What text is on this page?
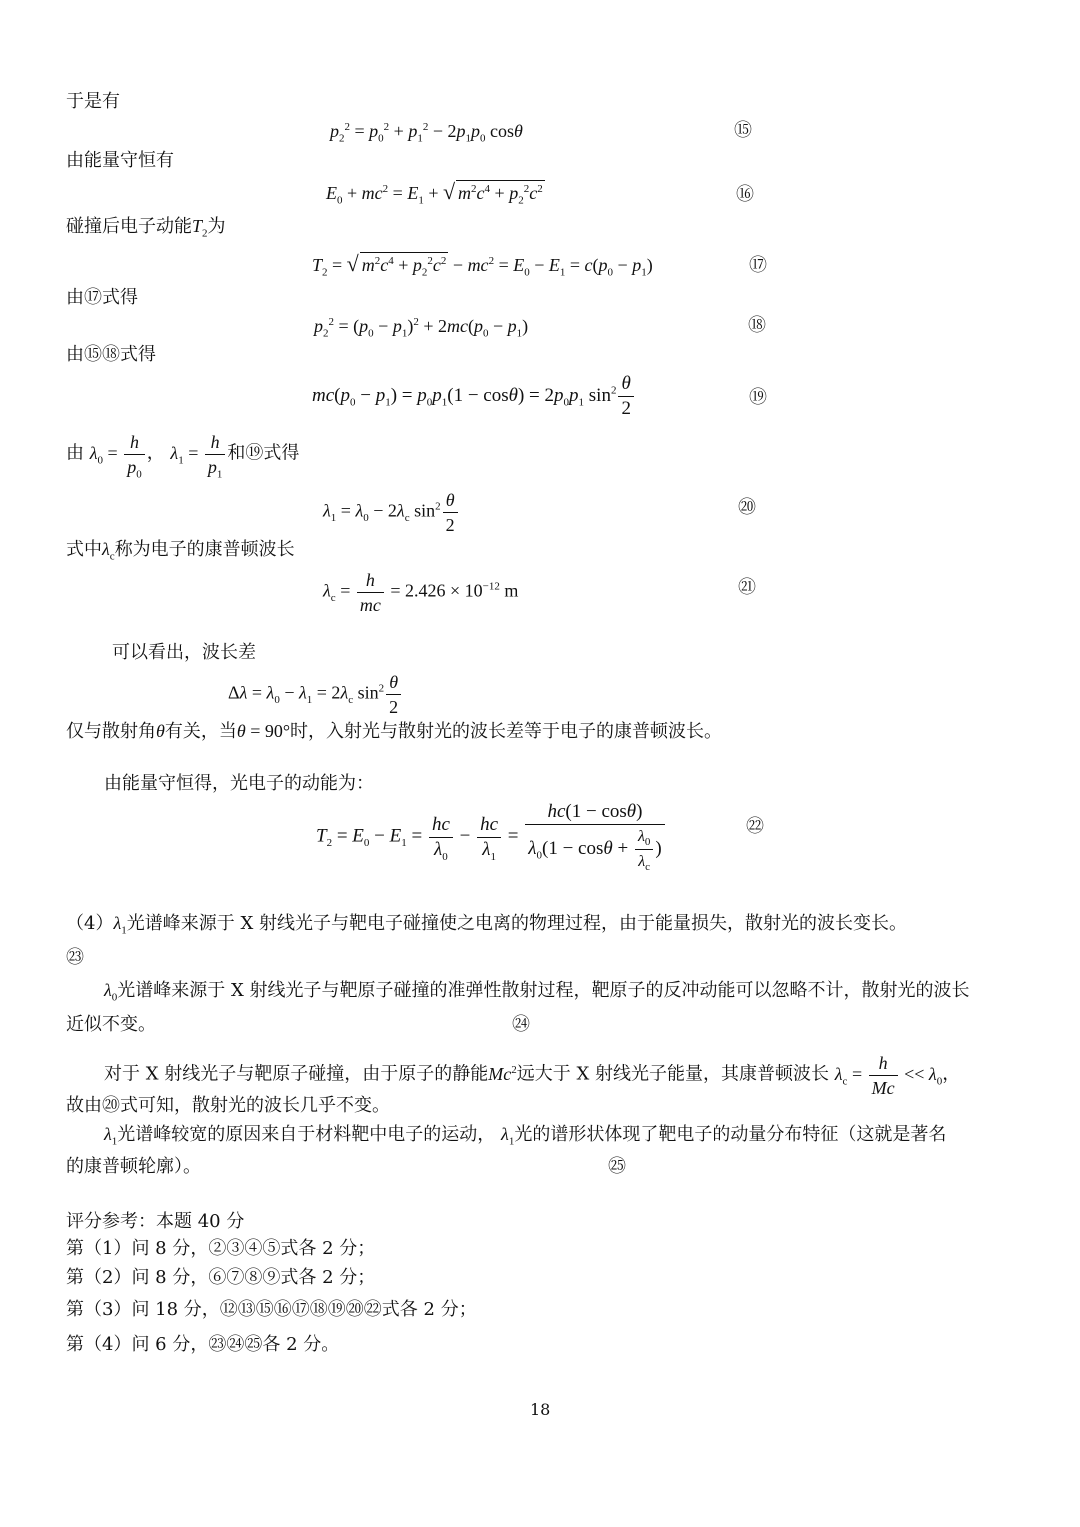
于是有
$p_2^2 = p_0^2 + p_1^2 - 2p_1p_0$ cosθ	⑮
由能量守恒有
$E_0 + mc^2 = E_1$ + √ $m^2c^4 + p_2^2c^2$	⑯
碰撞后电子动能$T_2$为
$T_2$ = √ $m^2c^4 + p_2^2c^2 - mc^2 = E_0 - E_1 = c(p_0 - p_1)$	⑰
由⑰式得
$p_2^2 = (p_0 - p_1)^2 + 2mc(p_0 - p_1)$	⑱
由⑮⑱式得
$mc(p_0 - p_1) = p_0p_1(1 - \cos\theta) = 2p_0p_1$ $\sin^2 \frac{\theta}{2}$	⑲
由 $\lambda_0 = \frac{h}{p_0}$ ， $\lambda_1 = \frac{h}{p_1}$ 和⑲式得
$\lambda_1 = \lambda_0 - 2\lambda_c$ $\sin^2 \frac{\theta}{2}$	⑳
式中$\lambda_c$称为电子的康普顿波长
$\lambda_c = \frac{h}{mc} = 2.426 \times 10^{-12}$ m	㉑
可以看出，波长差
$\Delta\lambda = \lambda_0 - \lambda_1 = 2\lambda_c$ $\sin^2 \frac{\theta}{2}$
仅与散射角θ有关，当θ = 90°时，入射光与散射光的波长差等于电子的康普顿波长。
由能量守恒得，光电子的动能为：
$T_2 = E_0 - E_1 = \frac{hc}{\lambda_0} - \frac{hc}{\lambda_1} = \frac{hc(1 - \cos\theta)}{\lambda_0(1 - \cos\theta + \frac{\lambda_0}{\lambda_c} )}$	㉒
$(4)\lambda_1$光谱峰来源于 X 射线光子与靶电子碰撞使之电离的物理过程，由于能量损失，散射光的波长变长。
㉓
$\lambda_0$光谱峰来源于 X 射线光子与靶原子碰撞的准弹性散射过程，靶原子的反冲动能可以忽略不计，散射光的波长
近似不变。	㉔
对于 X 射线光子与靶原子碰撞，由于原子的静能Mc$^2$远大于 X 射线光子能量，其康普顿波长 $\lambda_c = \frac{h}{Mc} << \lambda_0$，
故由⑳式可知，散射光的波长几乎不变。
$\lambda_1$光谱峰较宽的原因来自于材料靶中电子的运动， $\lambda_1$光的谱形状体现了靶电子的动量分布特征（这就是著名
的康普顿轮廓）。	㉕
评分参考：本题 40 分
第（1）问 8 分，②③④⑤式各 2 分；
第（2）问 8 分，⑥⑦⑧⑨式各 2 分；
第（3）问 18 分，⑫⑬⑮⑯⑰⑱⑲⑳㉒式各 2 分；
第（4）问 6 分，㉓㉔㉕各 2 分。
18
